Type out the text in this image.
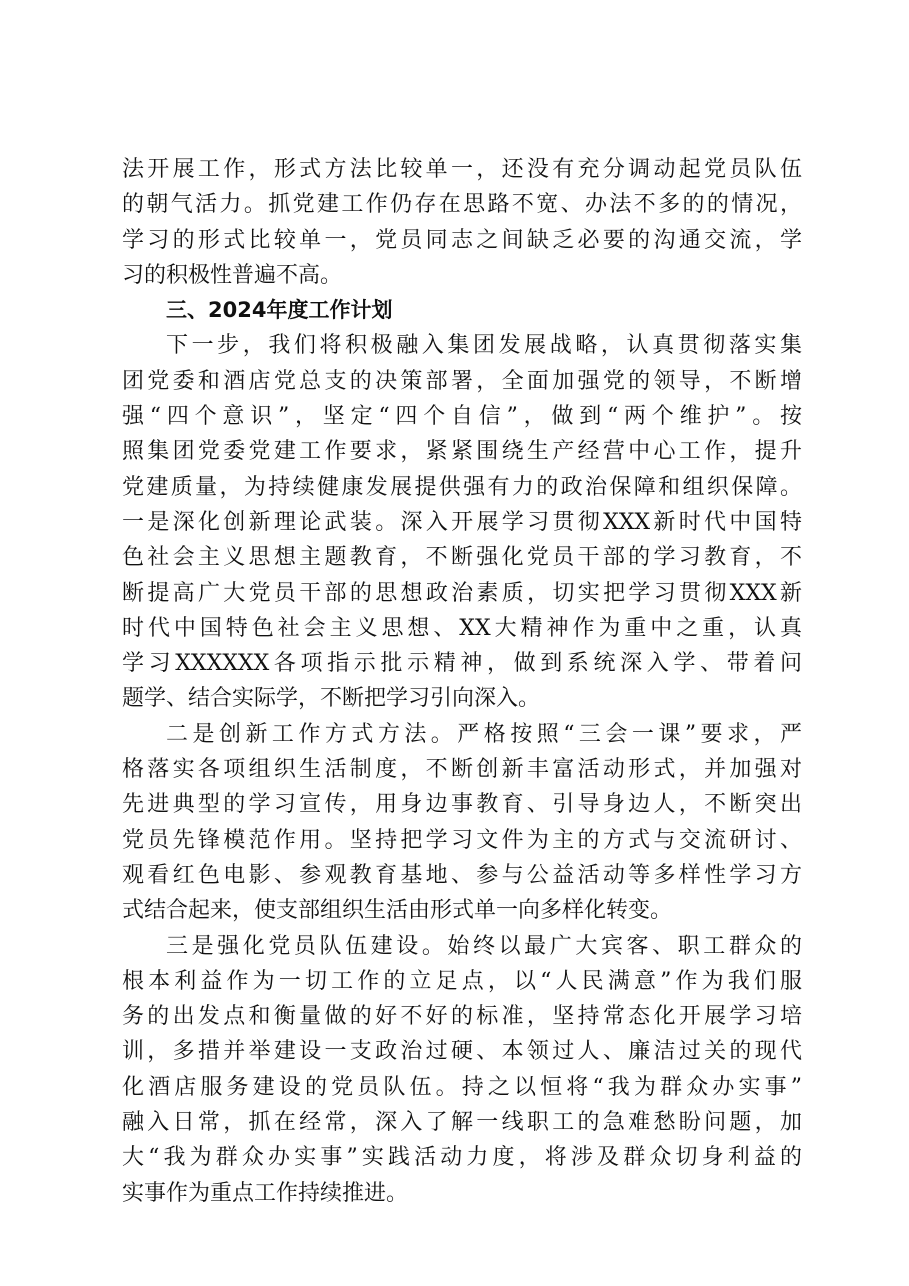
法开展工作，形式方法比较单一，还没有充分调动起党员队伍
的朝气活力。抓党建工作仍存在思路不宽、办法不多的的情况，
学习的形式比较单一，党员同志之间缺乏必要的沟通交流，学
习的积极性普遍不高。
三、2024年度工作计划
下一步，我们将积极融入集团发展战略，认真贯彻落实集
团党委和酒店党总支的决策部署，全面加强党的领导，不断增
强“四个意识”，坚定“四个自信”，做到“两个维护”。按
照集团党委党建工作要求，紧紧围绕生产经营中心工作，提升
党建质量，为持续健康发展提供强有力的政治保障和组织保障。
一是深化创新理论武装。深入开展学习贯彻XXX新时代中国特
色社会主义思想主题教育，不断强化党员干部的学习教育，不
断提高广大党员干部的思想政治素质，切实把学习贯彻XXX新
时代中国特色社会主义思想、XX大精神作为重中之重，认真
学习XXXXXX各项指示批示精神，做到系统深入学、带着问
题学、结合实际学，不断把学习引向深入。
二是创新工作方式方法。严格按照“三会一课”要求，严
格落实各项组织生活制度，不断创新丰富活动形式，并加强对
先进典型的学习宣传，用身边事教育、引导身边人，不断突出
党员先锋模范作用。坚持把学习文件为主的方式与交流研讨、
观看红色电影、参观教育基地、参与公益活动等多样性学习方
式结合起来，使支部组织生活由形式单一向多样化转变。
三是强化党员队伍建设。始终以最广大宾客、职工群众的
根本利益作为一切工作的立足点，以“人民满意”作为我们服
务的出发点和衡量做的好不好的标准，坚持常态化开展学习培
训，多措并举建设一支政治过硬、本领过人、廉洁过关的现代
化酒店服务建设的党员队伍。持之以恒将“我为群众办实事”
融入日常，抓在经常，深入了解一线职工的急难愁盼问题，加
大“我为群众办实事”实践活动力度，将涉及群众切身利益的
实事作为重点工作持续推进。
